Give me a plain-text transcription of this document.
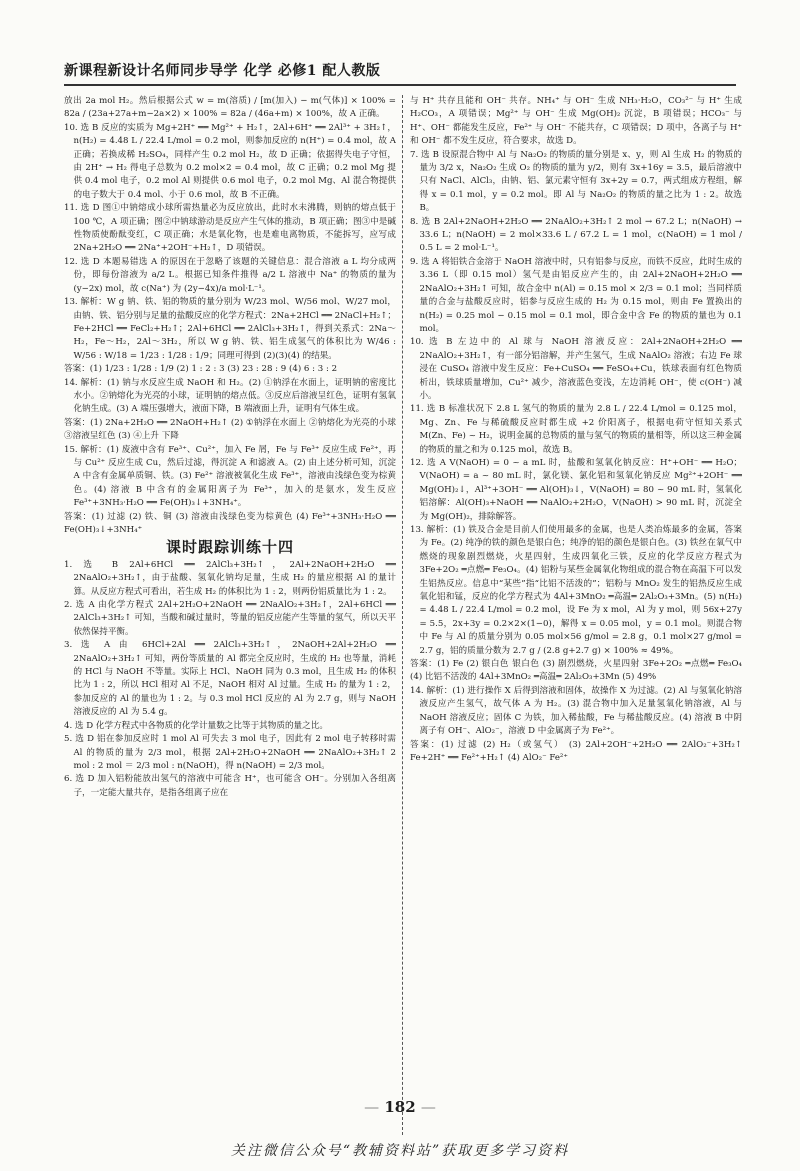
新课程新设计名师同步导学 化学 必修1 配人教版

放出 2a mol H₂。然后根据公式 w = m(溶质) / [m(加入) − m(气体)] × 100% = 82a / (23a+27a+m−2a×2) × 100% = 82a / (46a+m) × 100%，故 A 正确。

10. 选 B 反应的实质为 Mg+2H⁺ ══ Mg²⁺ + H₂↑，2Al+6H⁺ ══ 2Al³⁺ + 3H₂↑，n(H₂) = 4.48 L / 22.4 L/mol = 0.2 mol，则参加反应的 n(H⁺) = 0.4 mol，故 A 正确；若换成稀 H₂SO₄，同样产生 0.2 mol H₂，故 D 正确；依据得失电子守恒，由 2H⁺ → H₂ 得电子总数为 0.2 mol×2 = 0.4 mol，故 C 正确；0.2 mol Mg 提供 0.4 mol 电子，0.2 mol Al 则提供 0.6 mol 电子，0.2 mol Mg、Al 混合物提供的电子数大于 0.4 mol、小于 0.6 mol，故 B 不正确。

11. 选 D 图①中钠熔成小球所需热量必为反应放出，此时水未沸腾，则钠的熔点低于 100 ℃，A 项正确；图②中钠球游动是反应产生气体的推动，B 项正确；图③中是碱性物质使酚酞变红，C 项正确；水是氧化物，也是难电离物质，不能拆写，应写成 2Na+2H₂O ══ 2Na⁺+2OH⁻+H₂↑，D 项错误。

12. 选 D 本题易错选 A 的原因在于忽略了该题的关键信息：混合溶液 a L 均分成两份，即每份溶液为 a/2 L。根据已知条件推得 a/2 L 溶液中 Na⁺ 的物质的量为 (y−2x) mol，故 c(Na⁺) 为 (2y−4x)/a mol·L⁻¹。

13. 解析：W g 钠、铁、铝的物质的量分别为 W/23 mol、W/56 mol、W/27 mol，由钠、铁、铝分别与足量的盐酸反应的化学方程式：2Na+2HCl ══ 2NaCl+H₂↑；Fe+2HCl ══ FeCl₂+H₂↑；2Al+6HCl ══ 2AlCl₃+3H₂↑，得到关系式：2Na～H₂，Fe～H₂，2Al～3H₂，所以 W g 钠、铁、铝生成氢气的体积比为 W/46 : W/56 : W/18 = 1/23 : 1/28 : 1/9；同理可得到 (2)(3)(4) 的结果。

答案：(1) 1/23 : 1/28 : 1/9 (2) 1 : 2 : 3 (3) 23 : 28 : 9 (4) 6 : 3 : 2

14. 解析：(1) 钠与水反应生成 NaOH 和 H₂。(2) ①钠浮在水面上，证明钠的密度比水小。②钠熔化为光亮的小球，证明钠的熔点低。③反应后溶液呈红色，证明有氢氧化钠生成。(3) A 端压强增大，液面下降，B 端液面上升，证明有气体生成。

答案：(1) 2Na+2H₂O ══ 2NaOH+H₂↑ (2) ①钠浮在水面上 ②钠熔化为光亮的小球 ③溶液呈红色 (3) ④上升 下降

15. 解析：(1) 废液中含有 Fe³⁺、Cu²⁺，加入 Fe 屑，Fe 与 Fe³⁺ 反应生成 Fe²⁺，再与 Cu²⁺ 反应生成 Cu，然后过滤，得沉淀 A 和滤液 A。(2) 由上述分析可知，沉淀 A 中含有金属单质铜、铁。(3) Fe²⁺ 溶液被氧化生成 Fe³⁺，溶液由浅绿色变为棕黄色。(4) 溶液 B 中含有的金属阳离子为 Fe³⁺，加入的是氨水，发生反应 Fe³⁺+3NH₃·H₂O ══ Fe(OH)₃↓+3NH₄⁺。

答案：(1) 过滤 (2) 铁、铜 (3) 溶液由浅绿色变为棕黄色 (4) Fe³⁺+3NH₃·H₂O ══ Fe(OH)₃↓+3NH₄⁺

课时跟踪训练十四

1. 选 B 2Al+6HCl ══ 2AlCl₃+3H₂↑，2Al+2NaOH+2H₂O ══ 2NaAlO₂+3H₂↑，由于盐酸、氢氧化钠均足量，生成 H₂ 的量应根据 Al 的量计算。从反应方程式可看出，若生成 H₂ 的体积比为 1 : 2，则两份铝质量比为 1 : 2。

2. 选 A 由化学方程式 2Al+2H₂O+2NaOH ══ 2NaAlO₂+3H₂↑，2Al+6HCl ══ 2AlCl₃+3H₂↑ 可知，当酸和碱过量时，等量的铝反应能产生等量的氢气，所以天平依然保持平衡。

3. 选 A 由 6HCl+2Al ══ 2AlCl₃+3H₂↑，2NaOH+2Al+2H₂O ══ 2NaAlO₂+3H₂↑ 可知，两份等质量的 Al 都完全反应时，生成的 H₂ 也等量，消耗的 HCl 与 NaOH 不等量。实际上 HCl、NaOH 同为 0.3 mol，且生成 H₂ 的体积比为 1 : 2，所以 HCl 相对 Al 不足，NaOH 相对 Al 过量。生成 H₂ 的量为 1 : 2，参加反应的 Al 的量也为 1 : 2。与 0.3 mol HCl 反应的 Al 为 2.7 g，则与 NaOH 溶液反应的 Al 为 5.4 g。

4. 选 D 化学方程式中各物质的化学计量数之比等于其物质的量之比。

5. 选 D 铝在参加反应时 1 mol Al 可失去 3 mol 电子，因此有 2 mol 电子转移时需 Al 的物质的量为 2/3 mol，根据 2Al+2H₂O+2NaOH ══ 2NaAlO₂+3H₂↑ 2 mol : 2 mol ＝ 2/3 mol : n(NaOH)，得 n(NaOH) = 2/3 mol。

6. 选 D 加入铝粉能放出氢气的溶液中可能含 H⁺，也可能含 OH⁻。分别加入各组离子，一定能大量共存，是指各组离子应在

与 H⁺ 共存且能和 OH⁻ 共存。NH₄⁺ 与 OH⁻ 生成 NH₃·H₂O，CO₃²⁻ 与 H⁺ 生成 H₂CO₃，A 项错误；Mg²⁺ 与 OH⁻ 生成 Mg(OH)₂ 沉淀，B 项错误；HCO₃⁻ 与 H⁺、OH⁻ 都能发生反应，Fe²⁺ 与 OH⁻ 不能共存，C 项错误；D 项中，各离子与 H⁺ 和 OH⁻ 都不发生反应，符合要求，故选 D。

7. 选 B 设原混合物中 Al 与 Na₂O₂ 的物质的量分别是 x、y，则 Al 生成 H₂ 的物质的量为 3/2 x，Na₂O₂ 生成 O₂ 的物质的量为 y/2，则有 3x+16y = 3.5，最后溶液中只有 NaCl、AlCl₃，由钠、铝、氯元素守恒有 3x+2y = 0.7，两式组成方程组，解得 x = 0.1 mol，y = 0.2 mol。即 Al 与 Na₂O₂ 的物质的量之比为 1 : 2。故选 B。

8. 选 B 2Al+2NaOH+2H₂O ══ 2NaAlO₂+3H₂↑ 2 mol → 67.2 L；n(NaOH) → 33.6 L；n(NaOH) = 2 mol×33.6 L / 67.2 L = 1 mol，c(NaOH) = 1 mol / 0.5 L = 2 mol·L⁻¹。

9. 选 A 将铝铁合金溶于 NaOH 溶液中时，只有铝参与反应，而铁不反应，此时生成的 3.36 L（即 0.15 mol）氢气是由铝反应产生的，由 2Al+2NaOH+2H₂O ══ 2NaAlO₂+3H₂↑ 可知，故合金中 n(Al) = 0.15 mol × 2/3 = 0.1 mol；当同样质量的合金与盐酸反应时，铝参与反应生成的 H₂ 为 0.15 mol，则由 Fe 置换出的 n(H₂) = 0.25 mol − 0.15 mol = 0.1 mol，即合金中含 Fe 的物质的量也为 0.1 mol。

10. 选 B 左边中的 Al 球与 NaOH 溶液反应：2Al+2NaOH+2H₂O ══ 2NaAlO₂+3H₂↑，有一部分铝溶解，并产生氢气，生成 NaAlO₂ 溶液；右边 Fe 球浸在 CuSO₄ 溶液中发生反应：Fe+CuSO₄ ══ FeSO₄+Cu，铁球表面有红色物质析出，铁球质量增加，Cu²⁺ 减少，溶液蓝色变浅，左边消耗 OH⁻，使 c(OH⁻) 减小。

11. 选 B 标准状况下 2.8 L 氢气的物质的量为 2.8 L / 22.4 L/mol = 0.125 mol，Mg、Zn、Fe 与稀硫酸反应时都生成 +2 价阳离子，根据电荷守恒知关系式 M(Zn、Fe) ~ H₂，说明金属的总物质的量与氢气的物质的量相等，所以这三种金属的物质的量之和为 0.125 mol，故选 B。

12. 选 A V(NaOH) = 0 ~ a mL 时，盐酸和氢氧化钠反应：H⁺+OH⁻ ══ H₂O；V(NaOH) = a ~ 80 mL 时，氯化镁、氯化铝和氢氧化钠反应 Mg²⁺+2OH⁻ ══ Mg(OH)₂↓，Al³⁺+3OH⁻ ══ Al(OH)₃↓，V(NaOH) = 80 ~ 90 mL 时，氢氧化铝溶解：Al(OH)₃+NaOH ══ NaAlO₂+2H₂O，V(NaOH) > 90 mL 时，沉淀全为 Mg(OH)₂，排除解答。

13. 解析：(1) 铁及合金是目前人们使用最多的金属，也是人类冶炼最多的金属，答案为 Fe。(2) 纯净的铁的颜色是银白色；纯净的铝的颜色是银白色。(3) 铁丝在氧气中燃烧的现象剧烈燃烧，火星四射，生成四氧化三铁，反应的化学反应方程式为 3Fe+2O₂ ═点燃═ Fe₃O₄。(4) 铝粉与某些金属氧化物组成的混合物在高温下可以发生铝热反应。信息中“某些”指“比铝不活泼的”；铝粉与 MnO₂ 发生的铝热反应生成氧化铝和锰，反应的化学方程式为 4Al+3MnO₂ ═高温═ 2Al₂O₃+3Mn。(5) n(H₂) = 4.48 L / 22.4 L/mol = 0.2 mol，设 Fe 为 x mol，Al 为 y mol，则 56x+27y = 5.5，2x+3y = 0.2×2×(1−0)，解得 x = 0.05 mol，y = 0.1 mol。则混合物中 Fe 与 Al 的质量分别为 0.05 mol×56 g/mol = 2.8 g，0.1 mol×27 g/mol = 2.7 g，铝的质量分数为 2.7 g / (2.8 g+2.7 g) × 100% ≈ 49%。

答案：(1) Fe (2) 银白色 银白色 (3) 剧烈燃烧，火星四射 3Fe+2O₂ ═点燃═ Fe₃O₄ (4) 比铝不活泼的 4Al+3MnO₂ ═高温═ 2Al₂O₃+3Mn (5) 49%

14. 解析：(1) 进行操作 X 后得到溶液和固体，故操作 X 为过滤。(2) Al 与氢氧化钠溶液反应产生氢气，故气体 A 为 H₂。(3) 混合物中加入足量氢氧化钠溶液，Al 与 NaOH 溶液反应；固体 C 为铁，加入稀盐酸，Fe 与稀盐酸反应。(4) 溶液 B 中阴离子有 OH⁻、AlO₂⁻，溶液 D 中金属离子为 Fe²⁺。

答案：(1) 过滤 (2) H₂（或氢气） (3) 2Al+2OH⁻+2H₂O ══ 2AlO₂⁻+3H₂↑ Fe+2H⁺ ══ Fe²⁺+H₂↑ (4) AlO₂⁻ Fe²⁺

— 182 —
关注微信公众号“教辅资料站”获取更多学习资料
